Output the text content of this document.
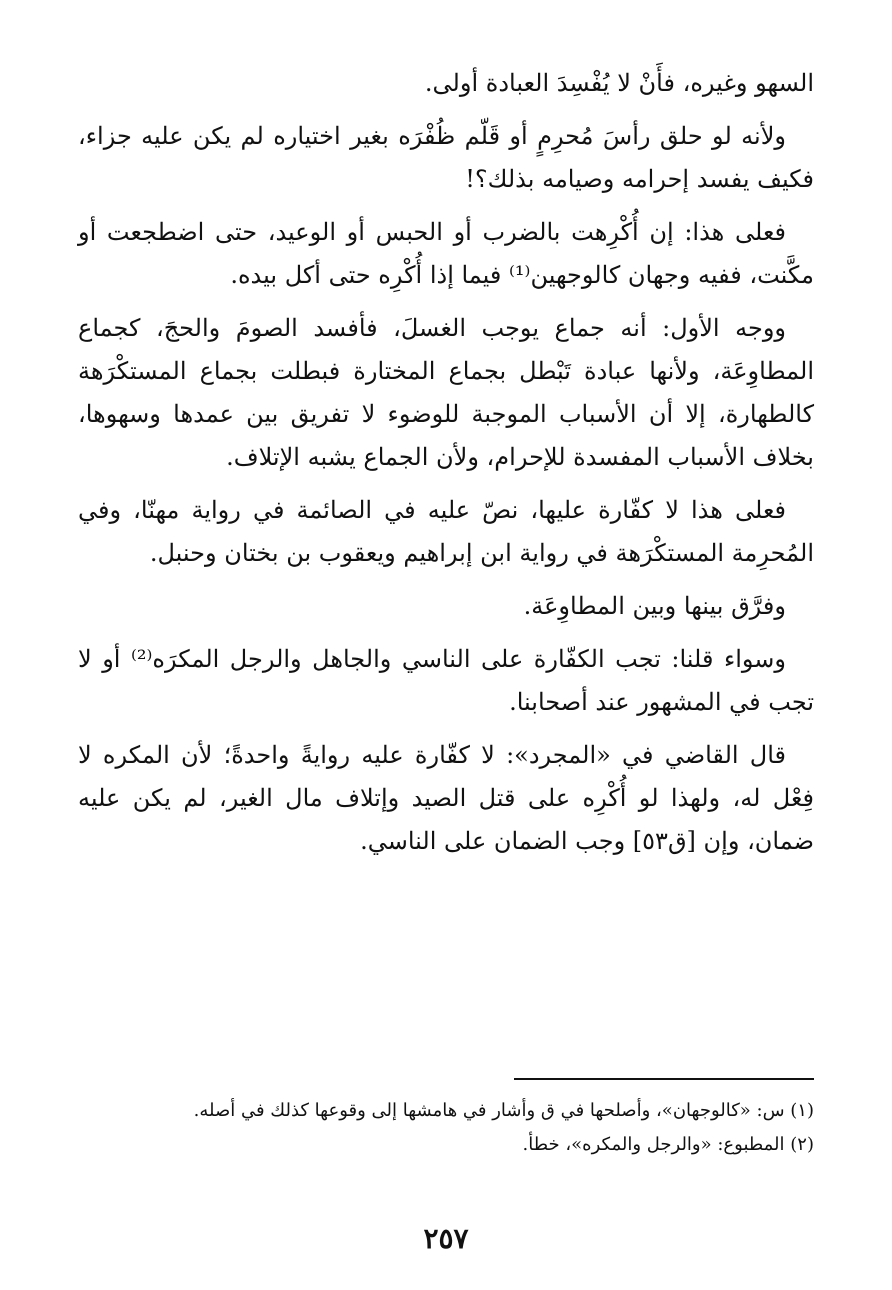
السهو وغيره، فأَنْ لا يُفْسِدَ العبادة أولى.

ولأنه لو حلق رأسَ مُحرِمٍ أو قَلّم ظُفْرَه بغير اختياره لم يكن عليه جزاء، فكيف يفسد إحرامه وصيامه بذلك؟!

فعلى هذا: إن أُكْرِهت بالضرب أو الحبس أو الوعيد، حتى اضطجعت أو مكَّنت، ففيه وجهان كالوجهين⁽¹⁾ فيما إذا أُكْرِه حتى أكل بيده.

ووجه الأول: أنه جماع يوجب الغسلَ، فأفسد الصومَ والحجَ، كجماع المطاوِعَة، ولأنها عبادة تَبْطل بجماع المختارة فبطلت بجماع المستكْرَهة كالطهارة، إلا أن الأسباب الموجبة للوضوء لا تفريق بين عمدها وسهوها، بخلاف الأسباب المفسدة للإحرام، ولأن الجماع يشبه الإتلاف.

فعلى هذا لا كفّارة عليها، نصّ عليه في الصائمة في رواية مهنّا، وفي المُحرِمة المستكْرَهة في رواية ابن إبراهيم ويعقوب بن بختان وحنبل.

وفرَّق بينها وبين المطاوِعَة.

وسواء قلنا: تجب الكفّارة على الناسي والجاهل والرجل المكرَه⁽²⁾ أو لا تجب في المشهور عند أصحابنا.

قال القاضي في «المجرد»: لا كفّارة عليه روايةً واحدةً؛ لأن المكره لا فِعْل له، ولهذا لو أُكْرِه على قتل الصيد وإتلاف مال الغير، لم يكن عليه ضمان، وإن [ق٥٣] وجب الضمان على الناسي.

(١) س: «كالوجهان»، وأصلحها في ق وأشار في هامشها إلى وقوعها كذلك في أصله.

(٢) المطبوع: «والرجل والمكره»، خطأ.

٢٥٧
